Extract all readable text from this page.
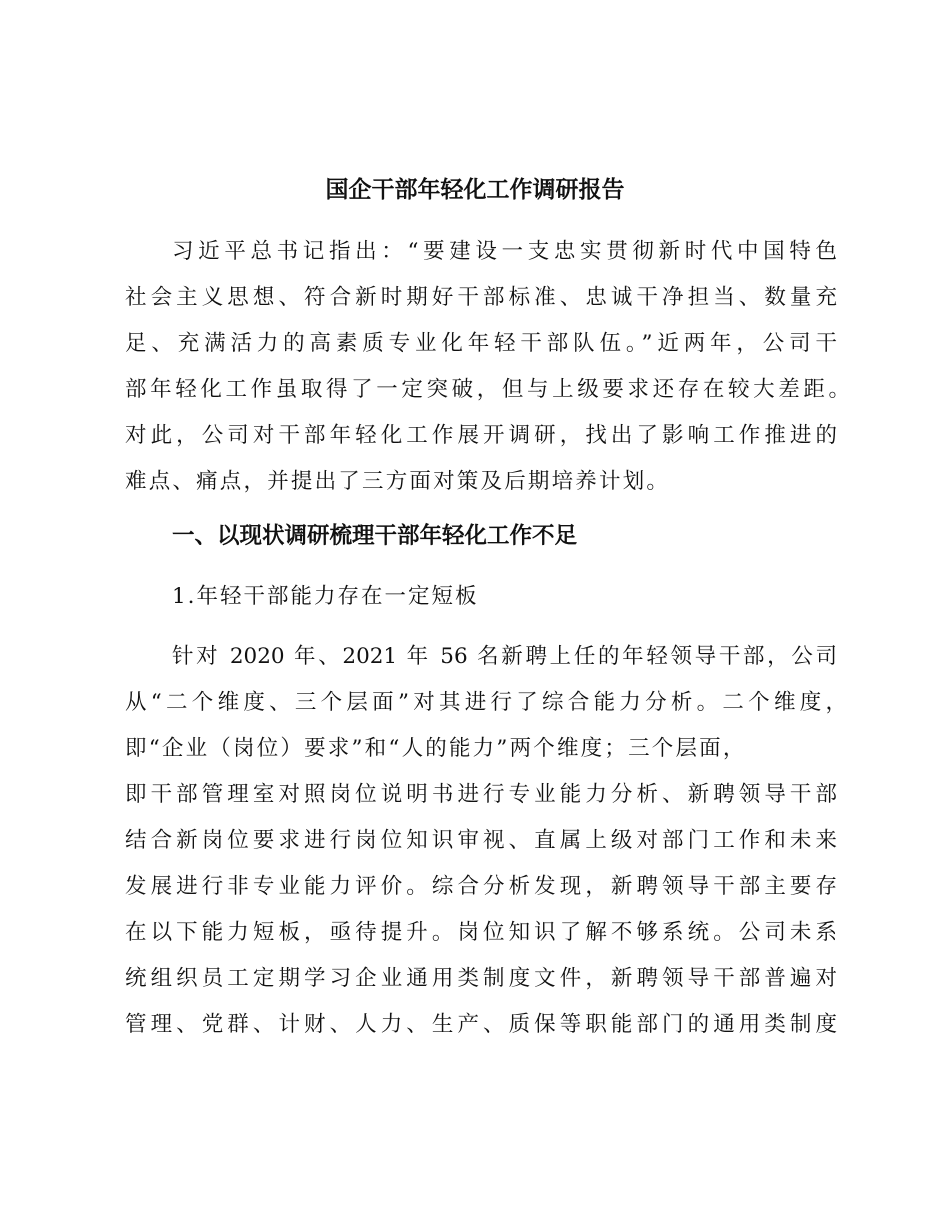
国企干部年轻化工作调研报告
习近平总书记指出：“要建设一支忠实贯彻新时代中国特色
社会主义思想、符合新时期好干部标准、忠诚干净担当、数量充
足、充满活力的高素质专业化年轻干部队伍。”近两年，公司干
部年轻化工作虽取得了一定突破，但与上级要求还存在较大差距。
对此，公司对干部年轻化工作展开调研，找出了影响工作推进的
难点、痛点，并提出了三方面对策及后期培养计划。
一、以现状调研梳理干部年轻化工作不足
1.年轻干部能力存在一定短板
针对 2020 年、2021 年 56 名新聘上任的年轻领导干部，公司
从“二个维度、三个层面”对其进行了综合能力分析。二个维度，
即“企业（岗位）要求”和“人的能力”两个维度；三个层面，
即干部管理室对照岗位说明书进行专业能力分析、新聘领导干部
结合新岗位要求进行岗位知识审视、直属上级对部门工作和未来
发展进行非专业能力评价。综合分析发现，新聘领导干部主要存
在以下能力短板，亟待提升。岗位知识了解不够系统。公司未系
统组织员工定期学习企业通用类制度文件，新聘领导干部普遍对
管理、党群、计财、人力、生产、质保等职能部门的通用类制度
